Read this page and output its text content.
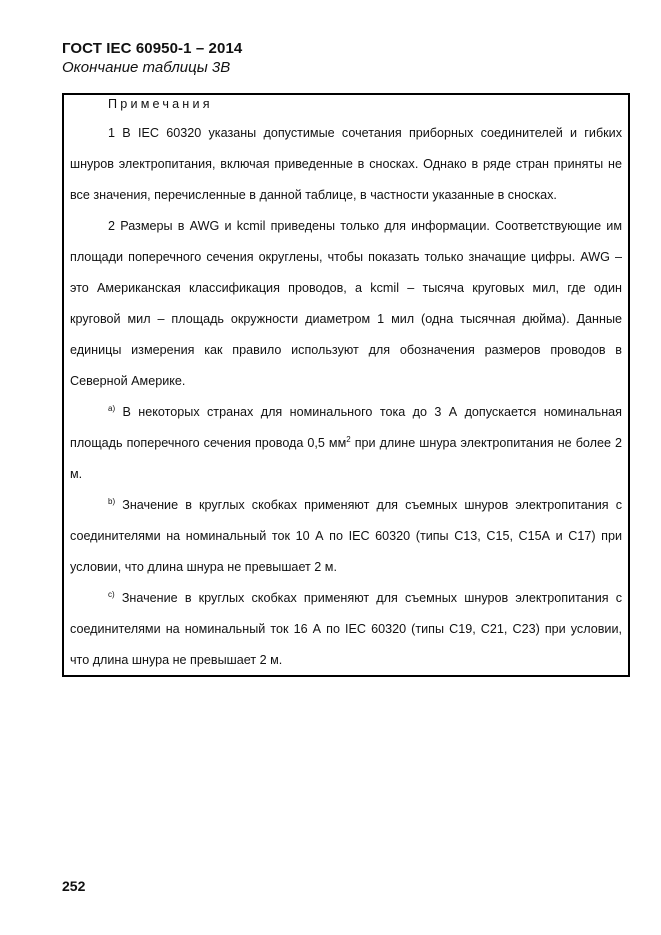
ГОСТ IEC 60950-1 – 2014
Окончание таблицы 3В
Примечания

1 В IEC 60320 указаны допустимые сочетания приборных соединителей и гибких шнуров электропитания, включая приведенные в сносках. Однако в ряде стран приняты не все значения, перечисленные в данной таблице, в частности указанные в сносках.

2 Размеры в AWG и kcmil приведены только для информации. Соответствующие им площади поперечного сечения округлены, чтобы показать только значащие цифры. AWG – это Американская классификация проводов, а kcmil – тысяча круговых мил, где один круговой мил – площадь окружности диаметром 1 мил (одна тысячная дюйма). Данные единицы измерения как правило используют для обозначения размеров проводов в Северной Америке.

$^{a)}$ В некоторых странах для номинального тока до 3 А допускается номинальная площадь поперечного сечения провода 0,5 $мм^2$ при длине шнура электропитания не более 2 м.

$^{b)}$ Значение в круглых скобках применяют для съемных шнуров электропитания с соединителями на номинальный ток 10 А по IEC 60320 (типы С13, С15, С15А и С17) при условии, что длина шнура не превышает 2 м.

$^{c)}$ Значение в круглых скобках применяют для съемных шнуров электропитания с соединителями на номинальный ток 16 А по IEC 60320 (типы С19, С21, С23) при условии, что длина шнура не превышает 2 м.

252
